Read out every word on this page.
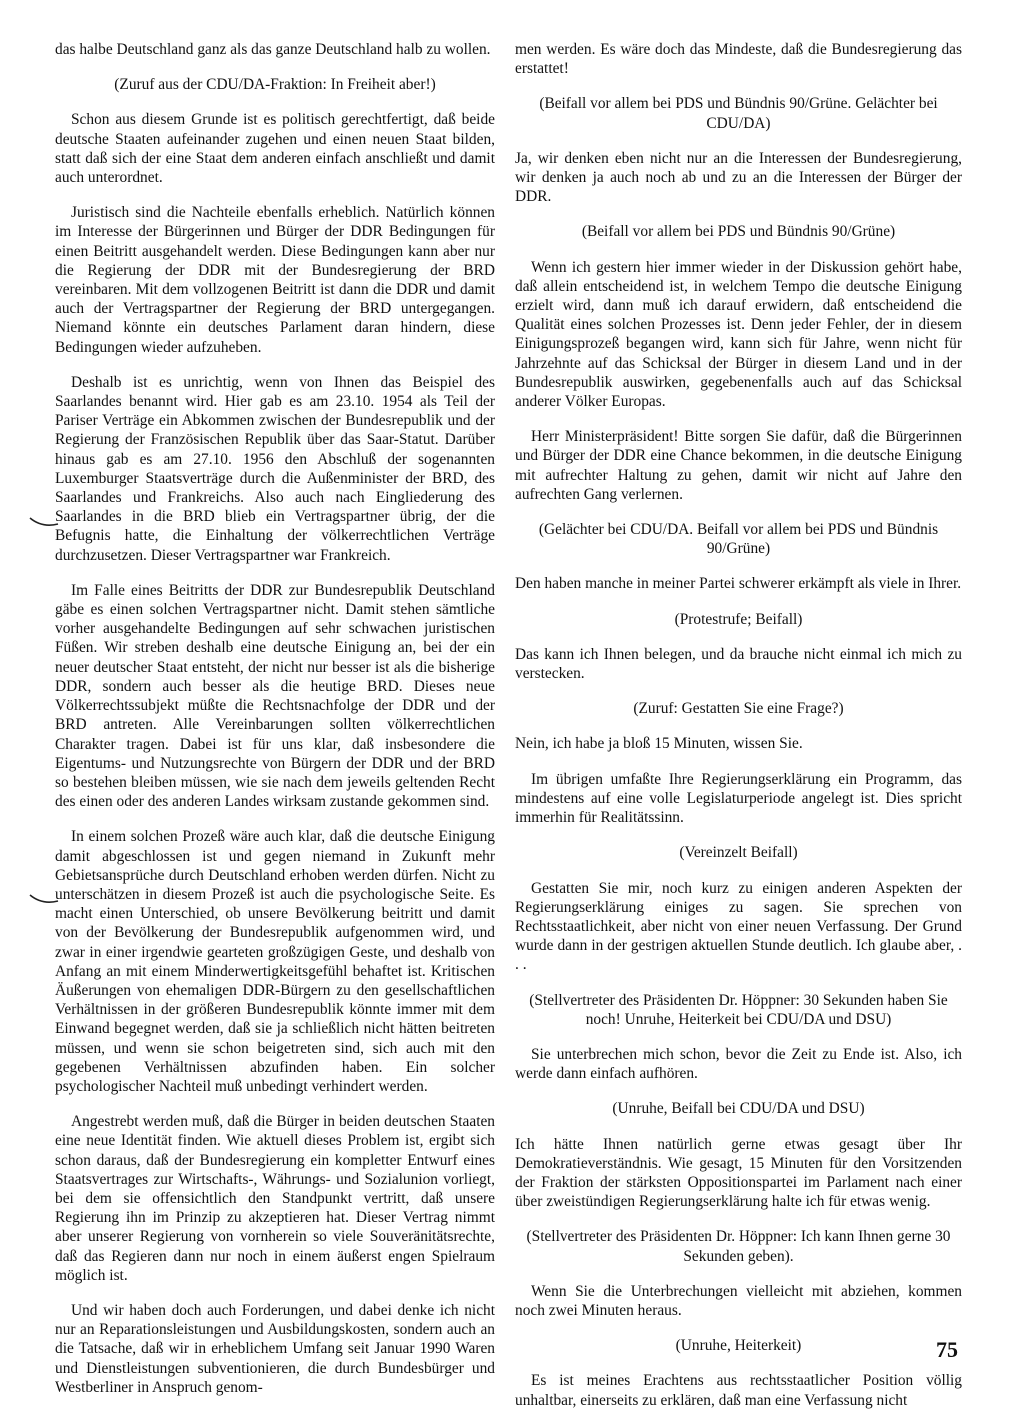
das halbe Deutschland ganz als das ganze Deutschland halb zu wollen.

(Zuruf aus der CDU/DA-Fraktion: In Freiheit aber!)

Schon aus diesem Grunde ist es politisch gerechtfertigt, daß beide deutsche Staaten aufeinander zugehen und einen neuen Staat bilden, statt daß sich der eine Staat dem anderen einfach anschließt und damit auch unterordnet.

Juristisch sind die Nachteile ebenfalls erheblich. Natürlich können im Interesse der Bürgerinnen und Bürger der DDR Bedingungen für einen Beitritt ausgehandelt werden. Diese Bedingungen kann aber nur die Regierung der DDR mit der Bundesregierung der BRD vereinbaren. Mit dem vollzogenen Beitritt ist dann die DDR und damit auch der Vertragspartner der Regierung der BRD untergegangen. Niemand könnte ein deutsches Parlament daran hindern, diese Bedingungen wieder aufzuheben.

Deshalb ist es unrichtig, wenn von Ihnen das Beispiel des Saarlandes benannt wird. Hier gab es am 23.10. 1954 als Teil der Pariser Verträge ein Abkommen zwischen der Bundesrepublik und der Regierung der Französischen Republik über das Saar-Statut. Darüber hinaus gab es am 27.10. 1956 den Abschluß der sogenannten Luxemburger Staatsverträge durch die Außenminister der BRD, des Saarlandes und Frankreichs. Also auch nach Eingliederung des Saarlandes in die BRD blieb ein Vertragspartner übrig, der die Befugnis hatte, die Einhaltung der völkerrechtlichen Verträge durchzusetzen. Dieser Vertragspartner war Frankreich.

Im Falle eines Beitritts der DDR zur Bundesrepublik Deutschland gäbe es einen solchen Vertragspartner nicht. Damit stehen sämtliche vorher ausgehandelte Bedingungen auf sehr schwachen juristischen Füßen. Wir streben deshalb eine deutsche Einigung an, bei der ein neuer deutscher Staat entsteht, der nicht nur besser ist als die bisherige DDR, sondern auch besser als die heutige BRD. Dieses neue Völkerrechtssubjekt müßte die Rechtsnachfolge der DDR und der BRD antreten. Alle Vereinbarungen sollten völkerrechtlichen Charakter tragen. Dabei ist für uns klar, daß insbesondere die Eigentums- und Nutzungsrechte von Bürgern der DDR und der BRD so bestehen bleiben müssen, wie sie nach dem jeweils geltenden Recht des einen oder des anderen Landes wirksam zustande gekommen sind.

In einem solchen Prozeß wäre auch klar, daß die deutsche Einigung damit abgeschlossen ist und gegen niemand in Zukunft mehr Gebietsansprüche durch Deutschland erhoben werden dürfen. Nicht zu unterschätzen in diesem Prozeß ist auch die psychologische Seite. Es macht einen Unterschied, ob unsere Bevölkerung beitritt und damit von der Bevölkerung der Bundesrepublik aufgenommen wird, und zwar in einer irgendwie gearteten großzügigen Geste, und deshalb von Anfang an mit einem Minderwertigkeitsgefühl behaftet ist. Kritischen Äußerungen von ehemaligen DDR-Bürgern zu den gesellschaftlichen Verhältnissen in der größeren Bundesrepublik könnte immer mit dem Einwand begegnet werden, daß sie ja schließlich nicht hätten beitreten müssen, und wenn sie schon beigetreten sind, sich auch mit den gegebenen Verhältnissen abzufinden haben. Ein solcher psychologischer Nachteil muß unbedingt verhindert werden.

Angestrebt werden muß, daß die Bürger in beiden deutschen Staaten eine neue Identität finden. Wie aktuell dieses Problem ist, ergibt sich schon daraus, daß der Bundesregierung ein kompletter Entwurf eines Staatsvertrages zur Wirtschafts-, Währungs- und Sozialunion vorliegt, bei dem sie offensichtlich den Standpunkt vertritt, daß unsere Regierung ihn im Prinzip zu akzeptieren hat. Dieser Vertrag nimmt aber unserer Regierung von vornherein so viele Souveränitätsrechte, daß das Regieren dann nur noch in einem äußerst engen Spielraum möglich ist.

Und wir haben doch auch Forderungen, und dabei denke ich nicht nur an Reparationsleistungen und Ausbildungskosten, sondern auch an die Tatsache, daß wir in erheblichem Umfang seit Januar 1990 Waren und Dienstleistungen subventionieren, die durch Bundesbürger und Westberliner in Anspruch genom-

men werden. Es wäre doch das Mindeste, daß die Bundesregierung das erstattet!

(Beifall vor allem bei PDS und Bündnis 90/Grüne. Gelächter bei CDU/DA)

Ja, wir denken eben nicht nur an die Interessen der Bundesregierung, wir denken ja auch noch ab und zu an die Interessen der Bürger der DDR.

(Beifall vor allem bei PDS und Bündnis 90/Grüne)

Wenn ich gestern hier immer wieder in der Diskussion gehört habe, daß allein entscheidend ist, in welchem Tempo die deutsche Einigung erzielt wird, dann muß ich darauf erwidern, daß entscheidend die Qualität eines solchen Prozesses ist. Denn jeder Fehler, der in diesem Einigungsprozeß begangen wird, kann sich für Jahre, wenn nicht für Jahrzehnte auf das Schicksal der Bürger in diesem Land und in der Bundesrepublik auswirken, gegebenenfalls auch auf das Schicksal anderer Völker Europas.

Herr Ministerpräsident! Bitte sorgen Sie dafür, daß die Bürgerinnen und Bürger der DDR eine Chance bekommen, in die deutsche Einigung mit aufrechter Haltung zu gehen, damit wir nicht auf Jahre den aufrechten Gang verlernen.

(Gelächter bei CDU/DA. Beifall vor allem bei PDS und Bündnis 90/Grüne)

Den haben manche in meiner Partei schwerer erkämpft als viele in Ihrer.

(Protestrufe; Beifall)

Das kann ich Ihnen belegen, und da brauche nicht einmal ich mich zu verstecken.

(Zuruf: Gestatten Sie eine Frage?)

Nein, ich habe ja bloß 15 Minuten, wissen Sie.

Im übrigen umfaßte Ihre Regierungserklärung ein Programm, das mindestens auf eine volle Legislaturperiode angelegt ist. Dies spricht immerhin für Realitätssinn.

(Vereinzelt Beifall)

Gestatten Sie mir, noch kurz zu einigen anderen Aspekten der Regierungserklärung einiges zu sagen. Sie sprechen von Rechtsstaatlichkeit, aber nicht von einer neuen Verfassung. Der Grund wurde dann in der gestrigen aktuellen Stunde deutlich. Ich glaube aber, . . .

(Stellvertreter des Präsidenten Dr. Höppner: 30 Sekunden haben Sie noch! Unruhe, Heiterkeit bei CDU/DA und DSU)

Sie unterbrechen mich schon, bevor die Zeit zu Ende ist. Also, ich werde dann einfach aufhören.

(Unruhe, Beifall bei CDU/DA und DSU)

Ich hätte Ihnen natürlich gerne etwas gesagt über Ihr Demokratieverständnis. Wie gesagt, 15 Minuten für den Vorsitzenden der Fraktion der stärksten Oppositionspartei im Parlament nach einer über zweistündigen Regierungserklärung halte ich für etwas wenig.

(Stellvertreter des Präsidenten Dr. Höppner: Ich kann Ihnen gerne 30 Sekunden geben).

Wenn Sie die Unterbrechungen vielleicht mit abziehen, kommen noch zwei Minuten heraus.

(Unruhe, Heiterkeit)

Es ist meines Erachtens aus rechtsstaatlicher Position völlig unhaltbar, einerseits zu erklären, daß man eine Verfassung nicht

75
